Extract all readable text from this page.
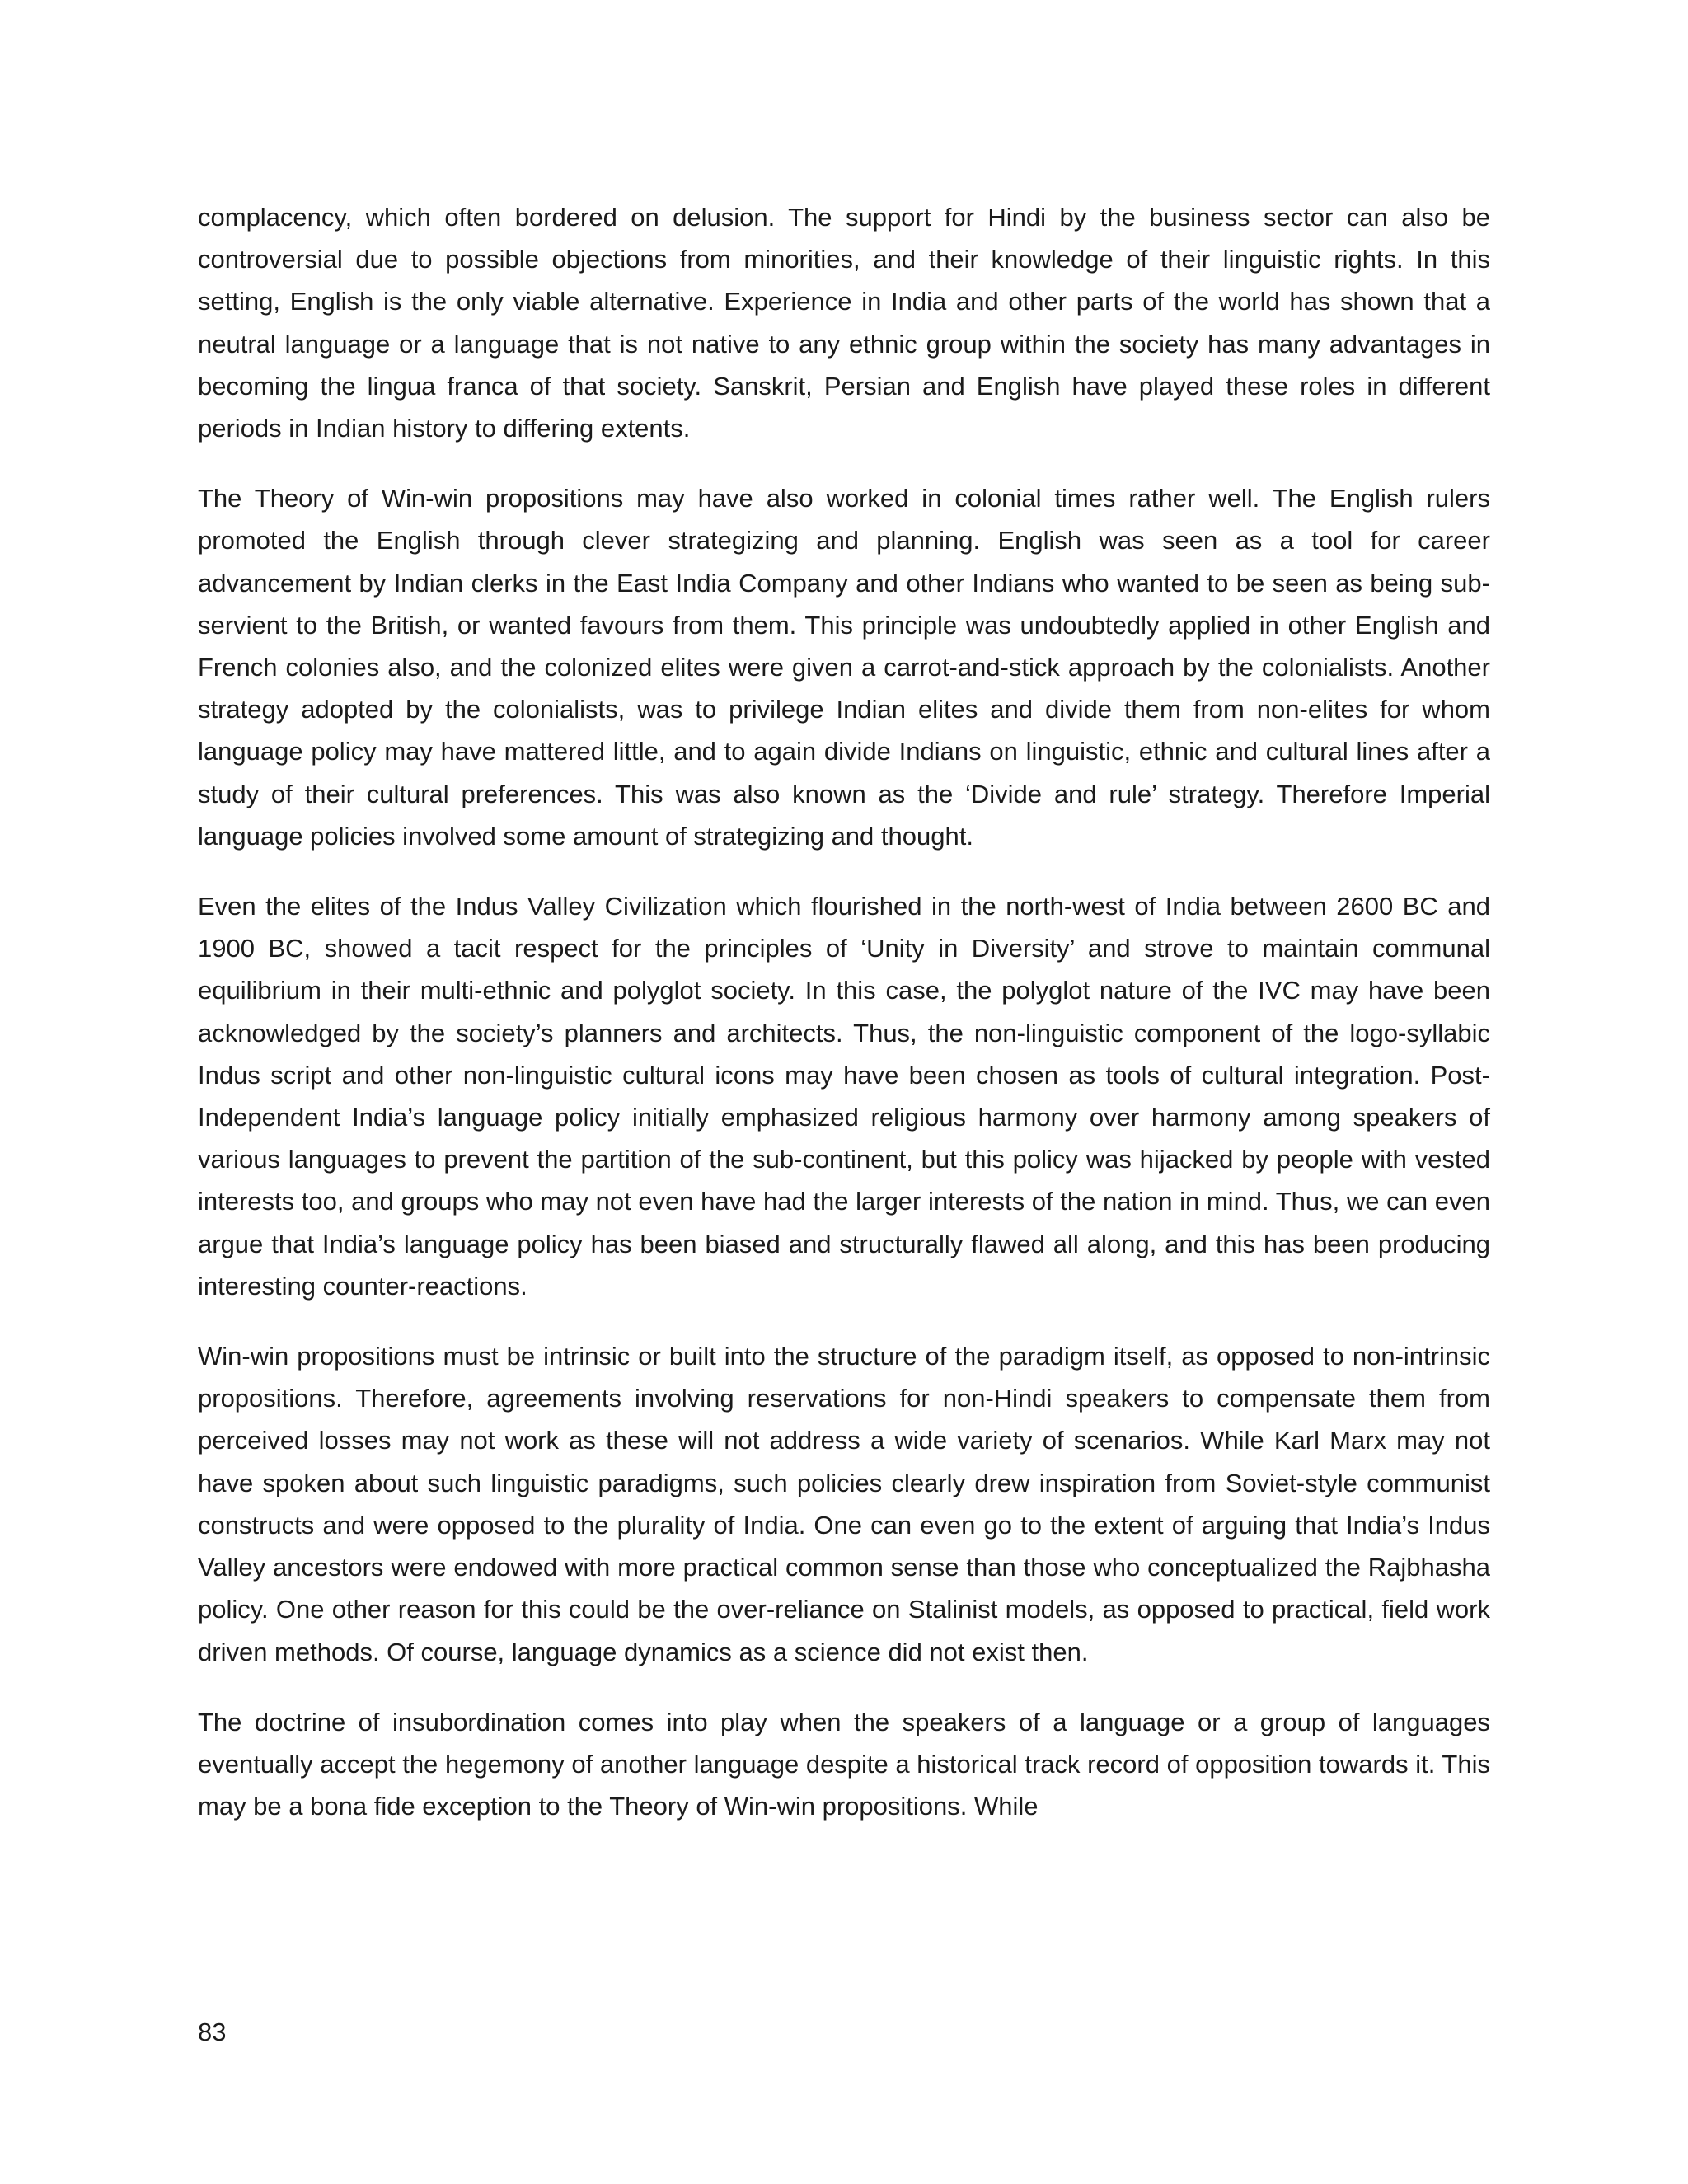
complacency, which often bordered on delusion. The support for Hindi by the business sector can also be controversial due to possible objections from minorities, and their knowledge of their linguistic rights. In this setting, English is the only viable alternative. Experience in India and other parts of the world has shown that a neutral language or a language that is not native to any ethnic group within the society has many advantages in becoming the lingua franca of that society. Sanskrit, Persian and English have played these roles in different periods in Indian history to differing extents.

The Theory of Win-win propositions may have also worked in colonial times rather well. The English rulers promoted the English through clever strategizing and planning. English was seen as a tool for career advancement by Indian clerks in the East India Company and other Indians who wanted to be seen as being sub-servient to the British, or wanted favours from them. This principle was undoubtedly applied in other English and French colonies also, and the colonized elites were given a carrot-and-stick approach by the colonialists. Another strategy adopted by the colonialists, was to privilege Indian elites and divide them from non-elites for whom language policy may have mattered little, and to again divide Indians on linguistic, ethnic and cultural lines after a study of their cultural preferences. This was also known as the ‘Divide and rule’ strategy. Therefore Imperial language policies involved some amount of strategizing and thought.

Even the elites of the Indus Valley Civilization which flourished in the north-west of India between 2600 BC and 1900 BC, showed a tacit respect for the principles of ‘Unity in Diversity’ and strove to maintain communal equilibrium in their multi-ethnic and polyglot society. In this case, the polyglot nature of the IVC may have been acknowledged by the society’s planners and architects. Thus, the non-linguistic component of the logo-syllabic Indus script and other non-linguistic cultural icons may have been chosen as tools of cultural integration. Post-Independent India’s language policy initially emphasized religious harmony over harmony among speakers of various languages to prevent the partition of the sub-continent, but this policy was hijacked by people with vested interests too, and groups who may not even have had the larger interests of the nation in mind. Thus, we can even argue that India’s language policy has been biased and structurally flawed all along, and this has been producing interesting counter-reactions.

Win-win propositions must be intrinsic or built into the structure of the paradigm itself, as opposed to non-intrinsic propositions. Therefore, agreements involving reservations for non-Hindi speakers to compensate them from perceived losses may not work as these will not address a wide variety of scenarios. While Karl Marx may not have spoken about such linguistic paradigms, such policies clearly drew inspiration from Soviet-style communist constructs and were opposed to the plurality of India. One can even go to the extent of arguing that India’s Indus Valley ancestors were endowed with more practical common sense than those who conceptualized the Rajbhasha policy. One other reason for this could be the over-reliance on Stalinist models, as opposed to practical, field work driven methods. Of course, language dynamics as a science did not exist then.

The doctrine of insubordination comes into play when the speakers of a language or a group of languages eventually accept the hegemony of another language despite a historical track record of opposition towards it. This may be a bona fide exception to the Theory of Win-win propositions. While

83
